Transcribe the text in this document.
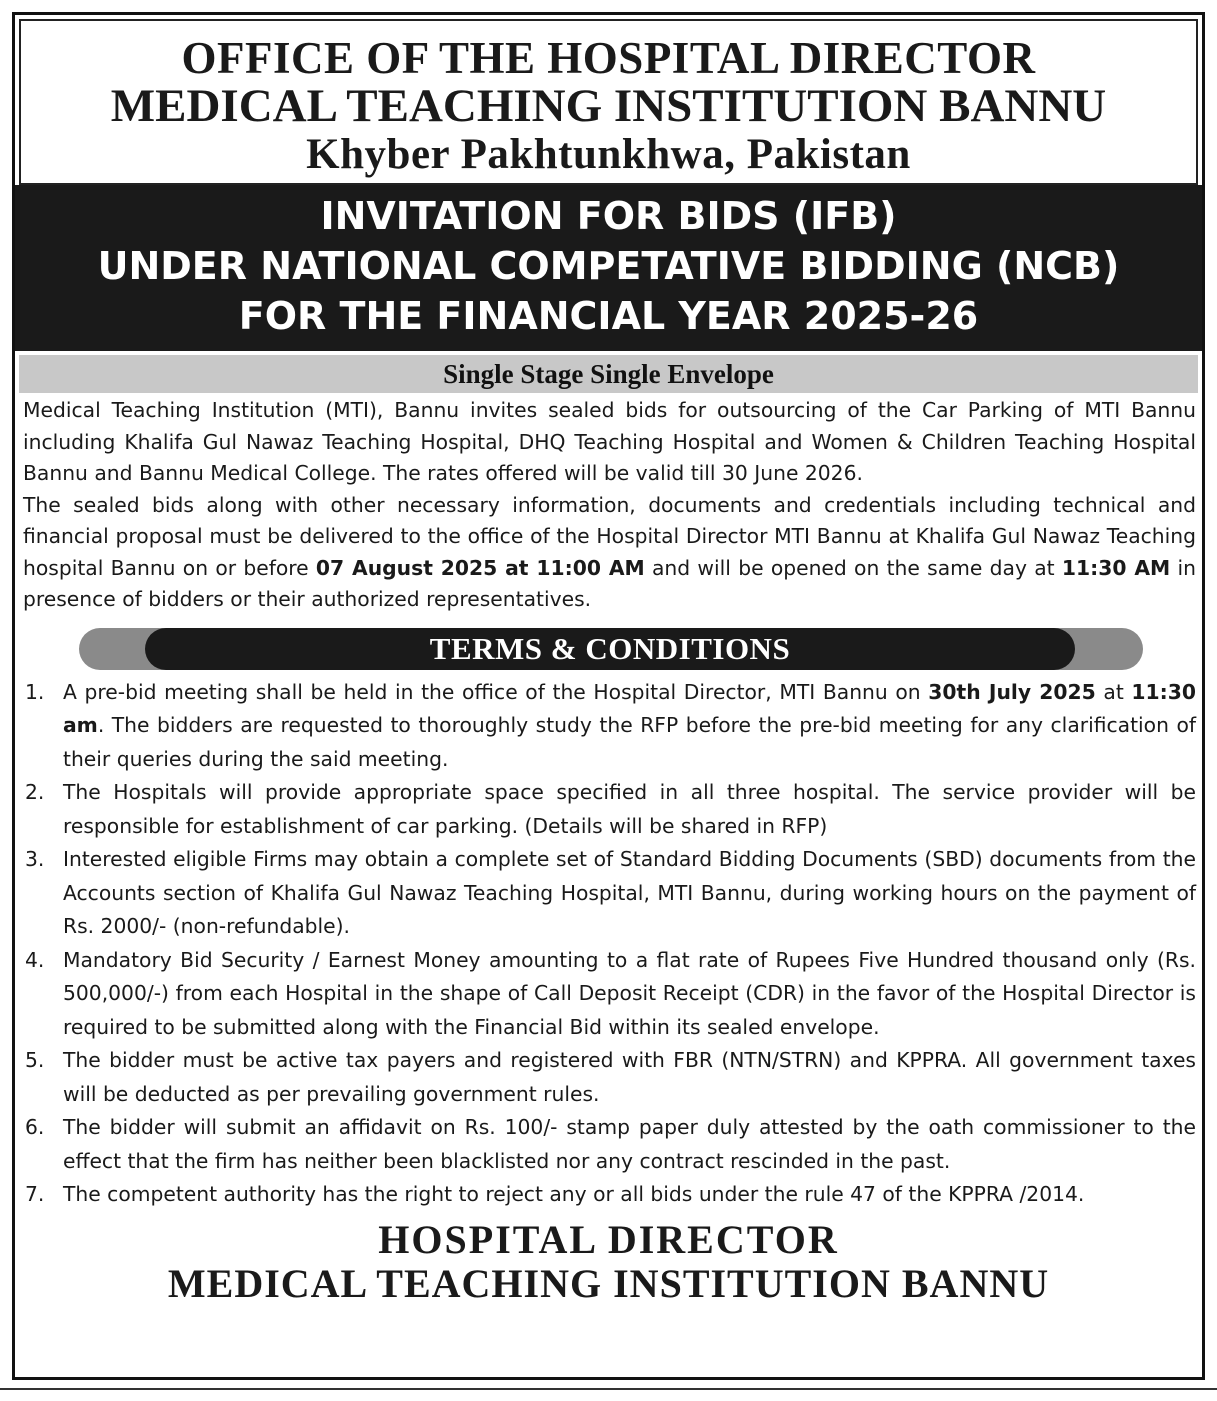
OFFICE OF THE HOSPITAL DIRECTOR
MEDICAL TEACHING INSTITUTION BANNU
Khyber Pakhtunkhwa, Pakistan
INVITATION FOR BIDS (IFB)
UNDER NATIONAL COMPETATIVE BIDDING (NCB)
FOR THE FINANCIAL YEAR 2025-26
Single Stage Single Envelope

Medical Teaching Institution (MTI), Bannu invites sealed bids for outsourcing of the Car Parking of MTI Bannu including Khalifa Gul Nawaz Teaching Hospital, DHQ Teaching Hospital and Women & Children Teaching Hospital Bannu and Bannu Medical College. The rates offered will be valid till 30 June 2026.

The sealed bids along with other necessary information, documents and credentials including technical and financial proposal must be delivered to the office of the Hospital Director MTI Bannu at Khalifa Gul Nawaz Teaching hospital Bannu on or before 07 August 2025 at 11:00 AM and will be opened on the same day at 11:30 AM in presence of bidders or their authorized representatives.

TERMS & CONDITIONS
1. A pre-bid meeting shall be held in the office of the Hospital Director, MTI Bannu on 30th July 2025 at 11:30 am. The bidders are requested to thoroughly study the RFP before the pre-bid meeting for any clarification of their queries during the said meeting.
2. The Hospitals will provide appropriate space specified in all three hospital. The service provider will be responsible for establishment of car parking. (Details will be shared in RFP)
3. Interested eligible Firms may obtain a complete set of Standard Bidding Documents (SBD) documents from the Accounts section of Khalifa Gul Nawaz Teaching Hospital, MTI Bannu, during working hours on the payment of Rs. 2000/- (non-refundable).
4. Mandatory Bid Security / Earnest Money amounting to a flat rate of Rupees Five Hundred thousand only (Rs. 500,000/-) from each Hospital in the shape of Call Deposit Receipt (CDR) in the favor of the Hospital Director is required to be submitted along with the Financial Bid within its sealed envelope.
5. The bidder must be active tax payers and registered with FBR (NTN/STRN) and KPPRA. All government taxes will be deducted as per prevailing government rules.
6. The bidder will submit an affidavit on Rs. 100/- stamp paper duly attested by the oath commissioner to the effect that the firm has neither been blacklisted nor any contract rescinded in the past.
7. The competent authority has the right to reject any or all bids under the rule 47 of the KPPRA /2014.
HOSPITAL DIRECTOR
MEDICAL TEACHING INSTITUTION BANNU
